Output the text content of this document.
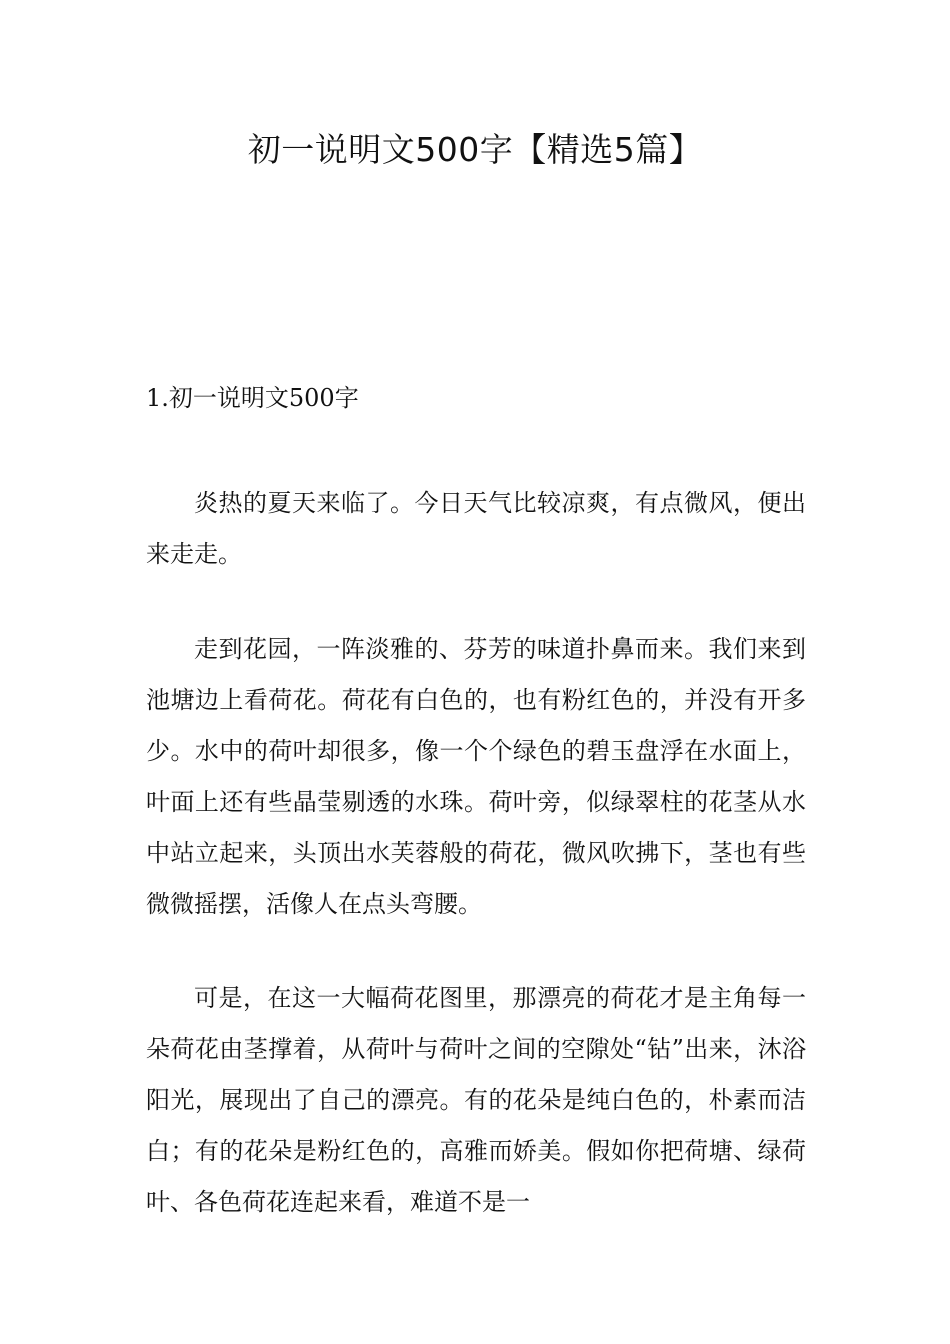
初一说明文500字【精选5篇】
1.初一说明文500字

炎热的夏天来临了。今日天气比较凉爽，有点微风，便出来走走。

走到花园，一阵淡雅的、芬芳的味道扑鼻而来。我们来到池塘边上看荷花。荷花有白色的，也有粉红色的，并没有开多少。水中的荷叶却很多，像一个个绿色的碧玉盘浮在水面上，叶面上还有些晶莹剔透的水珠。荷叶旁，似绿翠柱的花茎从水中站立起来，头顶出水芙蓉般的荷花，微风吹拂下，茎也有些微微摇摆，活像人在点头弯腰。

可是，在这一大幅荷花图里，那漂亮的荷花才是主角每一朵荷花由茎撑着，从荷叶与荷叶之间的空隙处“钻”出来，沐浴阳光，展现出了自己的漂亮。有的花朵是纯白色的，朴素而洁白；有的花朵是粉红色的，高雅而娇美。假如你把荷塘、绿荷叶、各色荷花连起来看，难道不是一
